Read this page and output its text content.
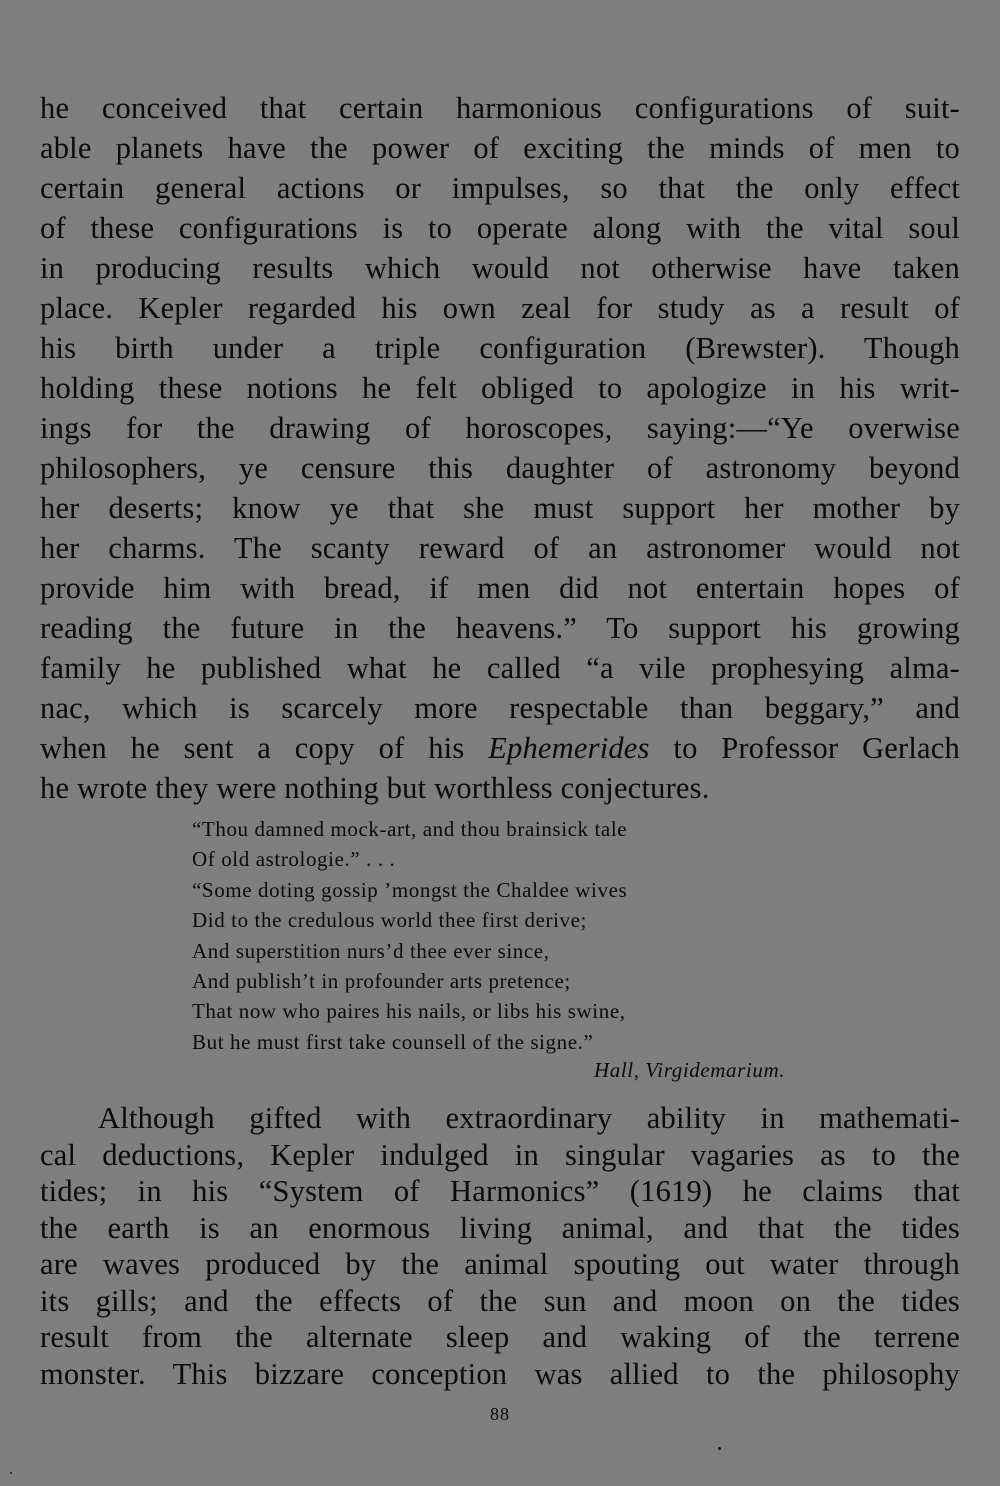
he conceived that certain harmonious configurations of suit-
able planets have the power of exciting the minds of men to
certain general actions or impulses, so that the only effect
of these configurations is to operate along with the vital soul
in producing results which would not otherwise have taken
place. Kepler regarded his own zeal for study as a result of
his birth under a triple configuration (Brewster). Though
holding these notions he felt obliged to apologize in his writ-
ings for the drawing of horoscopes, saying:—“Ye overwise
philosophers, ye censure this daughter of astronomy beyond
her deserts; know ye that she must support her mother by
her charms. The scanty reward of an astronomer would not
provide him with bread, if men did not entertain hopes of
reading the future in the heavens.” To support his growing
family he published what he called “a vile prophesying alma-
nac, which is scarcely more respectable than beggary,” and
when he sent a copy of his Ephemerides to Professor Gerlach
he wrote they were nothing but worthless conjectures.
“Thou damned mock-art, and thou brainsick tale
Of old astrologie.” . . .
“Some doting gossip ’mongst the Chaldee wives
Did to the credulous world thee first derive;
And superstition nurs’d thee ever since,
And publish’t in profounder arts pretence;
That now who paires his nails, or libs his swine,
But he must first take counsell of the signe.”
Hall, Virgidemarium.
Although gifted with extraordinary ability in mathemati-
cal deductions, Kepler indulged in singular vagaries as to the
tides; in his “System of Harmonics” (1619) he claims that
the earth is an enormous living animal, and that the tides
are waves produced by the animal spouting out water through
its gills; and the effects of the sun and moon on the tides
result from the alternate sleep and waking of the terrene
monster. This bizzare conception was allied to the philosophy
88
